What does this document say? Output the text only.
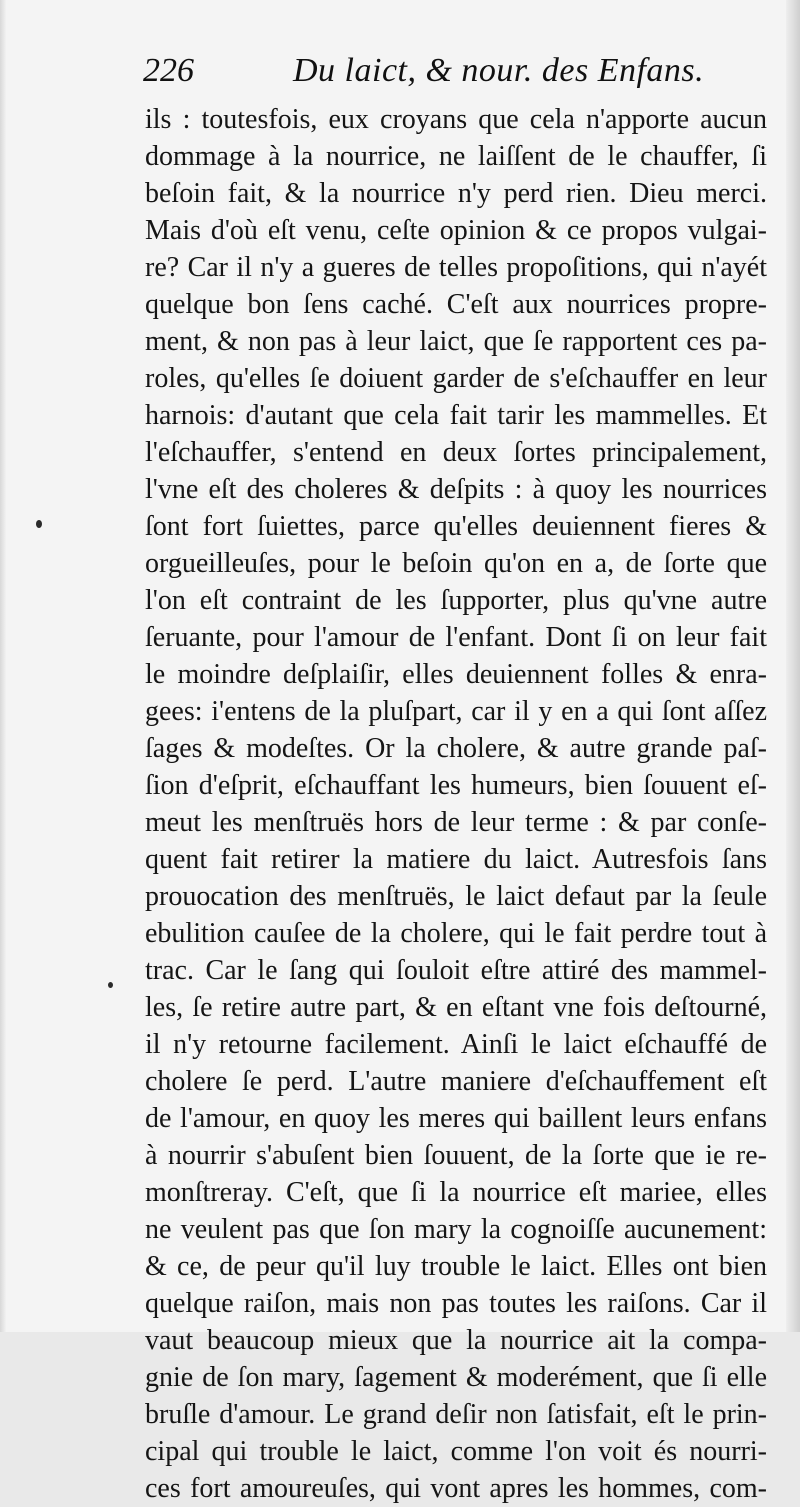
226	Du laict, & nour. des Enfans.
ils : toutesfois, eux croyans que cela n'apporte aucun
dommage à la nourrice, ne laiſſent de le chauffer, ſi
beſoin fait, & la nourrice n'y perd rien. Dieu merci.
Mais d'où eſt venu, ceſte opinion & ce propos vulgai-
re? Car il n'y a gueres de telles propoſitions, qui n'ayét
quelque bon ſens caché. C'eſt aux nourrices propre-
ment, & non pas à leur laict, que ſe rapportent ces pa-
roles, qu'elles ſe doiuent garder de s'eſchauffer en leur
harnois: d'autant que cela fait tarir les mammelles. Et
l'eſchauffer, s'entend en deux ſortes principalement,
l'vne eſt des choleres & deſpits : à quoy les nourrices
ſont fort ſuiettes, parce qu'elles deuiennent fieres &
orgueilleuſes, pour le beſoin qu'on en a, de ſorte que
l'on eſt contraint de les ſupporter, plus qu'vne autre
ſeruante, pour l'amour de l'enfant. Dont ſi on leur fait
le moindre deſplaiſir, elles deuiennent folles & enra-
gees: i'entens de la pluſpart, car il y en a qui ſont aſſez
ſages & modeſtes. Or la cholere, & autre grande paſ-
ſion d'eſprit, eſchauffant les humeurs, bien ſouuent eſ-
meut les menſtruës hors de leur terme : & par conſe-
quent fait retirer la matiere du laict. Autresfois ſans
prouocation des menſtruës, le laict defaut par la ſeule
ebulition cauſee de la cholere, qui le fait perdre tout à
trac. Car le ſang qui ſouloit eſtre attiré des mammel-
les, ſe retire autre part, & en eſtant vne fois deſtourné,
il n'y retourne facilement. Ainſi le laict eſchauffé de
cholere ſe perd. L'autre maniere d'eſchauffement eſt
de l'amour, en quoy les meres qui baillent leurs enfans
à nourrir s'abuſent bien ſouuent, de la ſorte que ie re-
monſtreray. C'eſt, que ſi la nourrice eſt mariee, elles
ne veulent pas que ſon mary la cognoiſſe aucunement:
& ce, de peur qu'il luy trouble le laict. Elles ont bien
quelque raiſon, mais non pas toutes les raiſons. Car il
vaut beaucoup mieux que la nourrice ait la compa-
gnie de ſon mary, ſagement & moderément, que ſi elle
bruſle d'amour. Le grand deſir non ſatisfait, eſt le prin-
cipal qui trouble le laict, comme l'on voit és nourri-
ces fort amoureuſes, qui vont apres les hommes, com-
